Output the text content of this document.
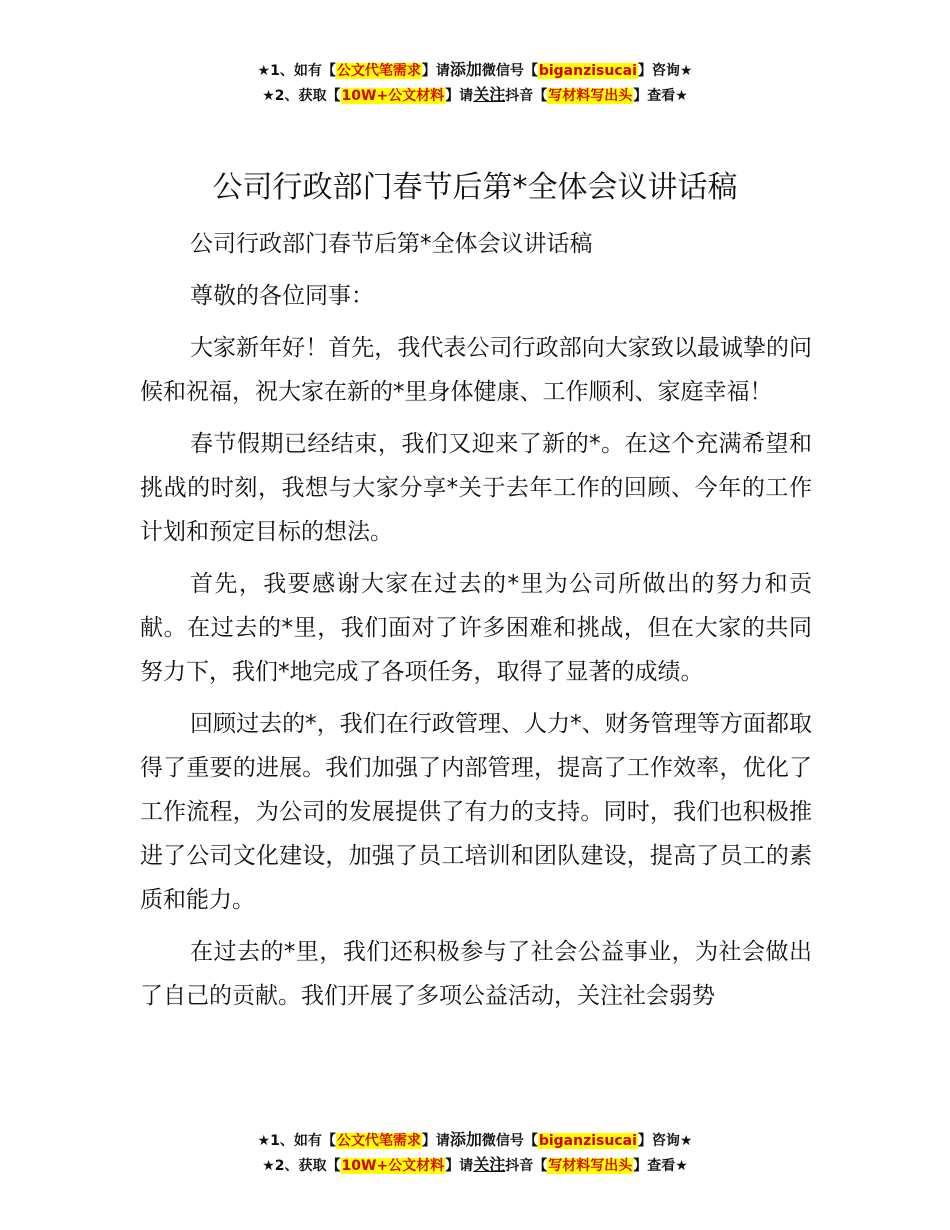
★1、如有【公文代笔需求】请添加微信号【biganzisucai】咨询★
★2、获取【10W+公文材料】请关注抖音【写材料写出头】查看★
公司行政部门春节后第*全体会议讲话稿

公司行政部门春节后第*全体会议讲话稿

尊敬的各位同事：

大家新年好！首先，我代表公司行政部向大家致以最诚挚的问候和祝福，祝大家在新的*里身体健康、工作顺利、家庭幸福！

春节假期已经结束，我们又迎来了新的*。在这个充满希望和挑战的时刻，我想与大家分享*关于去年工作的回顾、今年的工作计划和预定目标的想法。

首先，我要感谢大家在过去的*里为公司所做出的努力和贡献。在过去的*里，我们面对了许多困难和挑战，但在大家的共同努力下，我们*地完成了各项任务，取得了显著的成绩。

回顾过去的*，我们在行政管理、人力*、财务管理等方面都取得了重要的进展。我们加强了内部管理，提高了工作效率，优化了工作流程，为公司的发展提供了有力的支持。同时，我们也积极推进了公司文化建设，加强了员工培训和团队建设，提高了员工的素质和能力。

在过去的*里，我们还积极参与了社会公益事业，为社会做出了自己的贡献。我们开展了多项公益活动，关注社会弱势

★1、如有【公文代笔需求】请添加微信号【biganzisucai】咨询★
★2、获取【10W+公文材料】请关注抖音【写材料写出头】查看★
